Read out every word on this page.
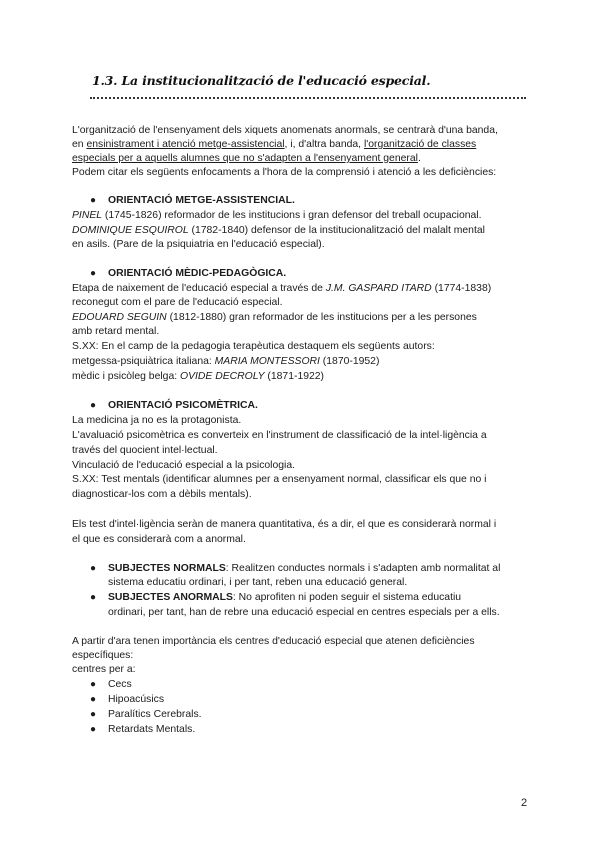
1.3. La institucionalització de l'educació especial.
L'organització de l'ensenyament dels xiquets anomenats anormals, se centrarà d'una banda,
en ensinistrament i atenció metge-assistencial, i, d'altra banda, l'organització de classes
especials per a aquells alumnes que no s'adapten a l'ensenyament general.
Podem citar els següents enfocaments a l'hora de la comprensió i atenció a les deficiències:
● ORIENTACIÓ METGE-ASSISTENCIAL.
PINEL (1745-1826) reformador de les institucions i gran defensor del treball ocupacional.
DOMINIQUE ESQUIROL (1782-1840) defensor de la institucionalització del malalt mental
en asils. (Pare de la psiquiatria en l'educació especial).
● ORIENTACIÓ MÈDIC-PEDAGÒGICA.
Etapa de naixement de l'educació especial a través de J.M. GASPARD ITARD (1774-1838)
reconegut com el pare de l'educació especial.
EDOUARD SEGUIN (1812-1880) gran reformador de les institucions per a les persones
amb retard mental.
S.XX: En el camp de la pedagogia terapèutica destaquem els següents autors:
metgessa-psiquiàtrica italiana: MARIA MONTESSORI (1870-1952)
mèdic i psicòleg belga: OVIDE DECROLY (1871-1922)
● ORIENTACIÓ PSICOMÈTRICA.
La medicina ja no es la protagonista.
L'avaluació psicomètrica es converteix en l'instrument de classificació de la intel·ligència a
través del quocient intel·lectual.
Vinculació de l'educació especial a la psicologia.
S.XX: Test mentals (identificar alumnes per a ensenyament normal, classificar els que no i
diagnosticar-los com a dèbils mentals).
Els test d'intel·ligència seràn de manera quantitativa, és a dir, el que es considerarà normal i
el que es considerarà com a anormal.
● SUBJECTES NORMALS: Realitzen conductes normals i s'adapten amb normalitat al
sistema educatiu ordinari, i per tant, reben una educació general.
● SUBJECTES ANORMALS: No aprofiten ni poden seguir el sistema educatiu
ordinari, per tant, han de rebre una educació especial en centres especials per a ells.
A partir d'ara tenen importància els centres d'educació especial que atenen deficiències
específiques:
centres per a:
● Cecs
● Hipoacúsics
● Paralítics Cerebrals.
● Retardats Mentals.
2
